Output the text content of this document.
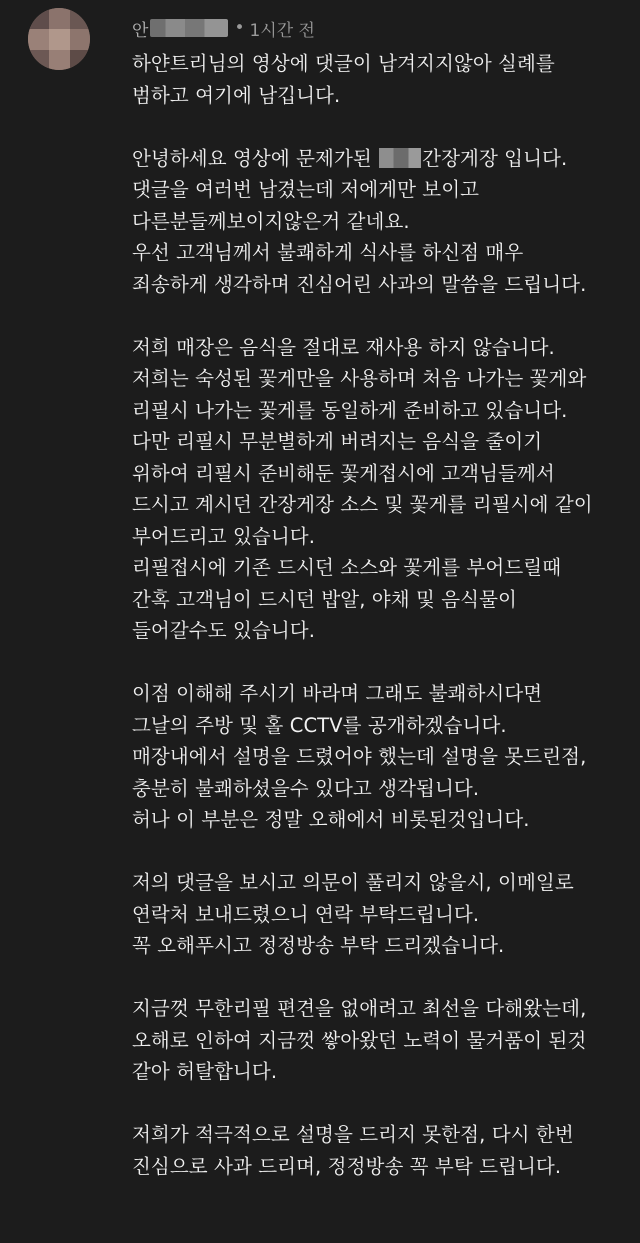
안	• 1시간 전
하얀트리님의 영상에 댓글이 남겨지지않아 실례를
범하고 여기에 남깁니다.
안녕하세요 영상에 문제가된 간장게장 입니다.
댓글을 여러번 남겼는데 저에게만 보이고
다른분들께보이지않은거 같네요.
우선 고객님께서 불쾌하게 식사를 하신점 매우
죄송하게 생각하며 진심어린 사과의 말씀을 드립니다.
저희 매장은 음식을 절대로 재사용 하지 않습니다.
저희는 숙성된 꽃게만을 사용하며 처음 나가는 꽃게와
리필시 나가는 꽃게를 동일하게 준비하고 있습니다.
다만 리필시 무분별하게 버려지는 음식을 줄이기
위하여 리필시 준비해둔 꽃게접시에 고객님들께서
드시고 계시던 간장게장 소스 및 꽃게를 리필시에 같이
부어드리고 있습니다.
리필접시에 기존 드시던 소스와 꽃게를 부어드릴때
간혹 고객님이 드시던 밥알, 야채 및 음식물이
들어갈수도 있습니다.
이점 이해해 주시기 바라며 그래도 불쾌하시다면
그날의 주방 및 홀 CCTV를 공개하겠습니다.
매장내에서 설명을 드렸어야 했는데 설명을 못드린점,
충분히 불쾌하셨을수 있다고 생각됩니다.
허나 이 부분은 정말 오해에서 비롯된것입니다.
저의 댓글을 보시고 의문이 풀리지 않을시, 이메일로
연락처 보내드렸으니 연락 부탁드립니다.
꼭 오해푸시고 정정방송 부탁 드리겠습니다.
지금껏 무한리필 편견을 없애려고 최선을 다해왔는데,
오해로 인하여 지금껏 쌓아왔던 노력이 물거품이 된것
같아 허탈합니다.
저희가 적극적으로 설명을 드리지 못한점, 다시 한번
진심으로 사과 드리며, 정정방송 꼭 부탁 드립니다.
